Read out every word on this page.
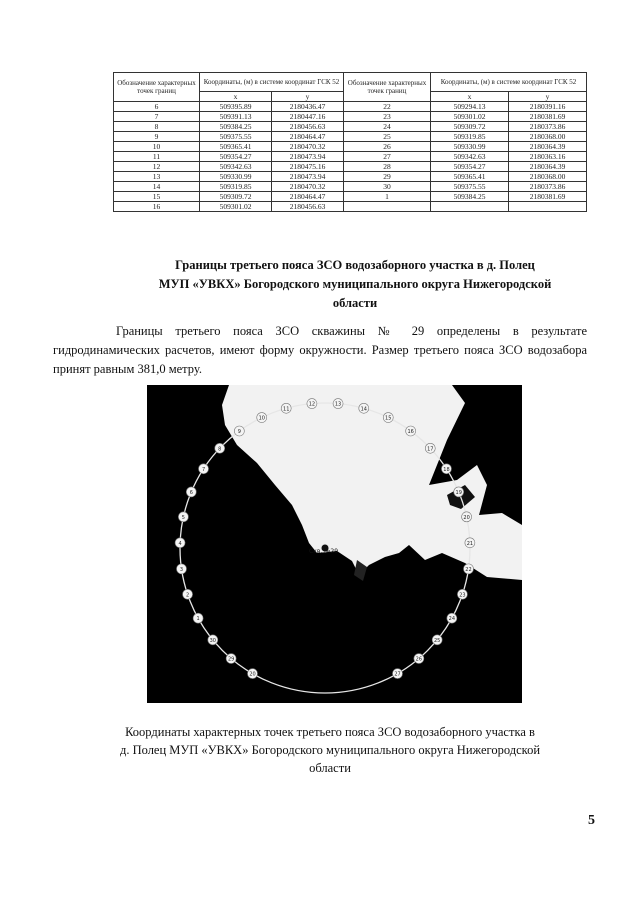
Обозначение характерных точек границ	Координаты, (м) в системе координат ГСК 52		Обозначение характерных точек границ	Координаты, (м) в системе координат ГСК 52	
	x	y		x	y
6	509395.89	2180436.47	22	509294.13	2180391.16
7	509391.13	2180447.16	23	509301.02	2180381.69
8	509384.25	2180456.63	24	509309.72	2180373.86
9	509375.55	2180464.47	25	509319.85	2180368.00
10	509365.41	2180470.32	26	509330.99	2180364.39
11	509354.27	2180473.94	27	509342.63	2180363.16
12	509342.63	2180475.16	28	509354.27	2180364.39
13	509330.99	2180473.94	29	509365.41	2180368.00
14	509319.85	2180470.32	30	509375.55	2180373.86
15	509309.72	2180464.47	1	509384.25	2180381.69
16	509301.02	2180456.63			
Границы третьего пояса ЗСО водозаборного участка в д. Полец
МУП «УВКХ» Богородского муниципального округа Нижегородской
области

Границы третьего пояса ЗСО скважины № 29 определены в результате гидродинамических расчетов, имеют форму окружности. Размер третьего пояса ЗСО водозабора принят равным 381,0 метру.

Скв. №29
20
29
30
1
2
3
4
5
6
7
8
9
10
11
12	13
14
15
16
17
18
19
20
21
22
23
24
25
26
27

Координаты характерных точек третьего пояса ЗСО водозаборного участка в
д. Полец МУП «УВКХ» Богородского муниципального округа Нижегородской
области

5
